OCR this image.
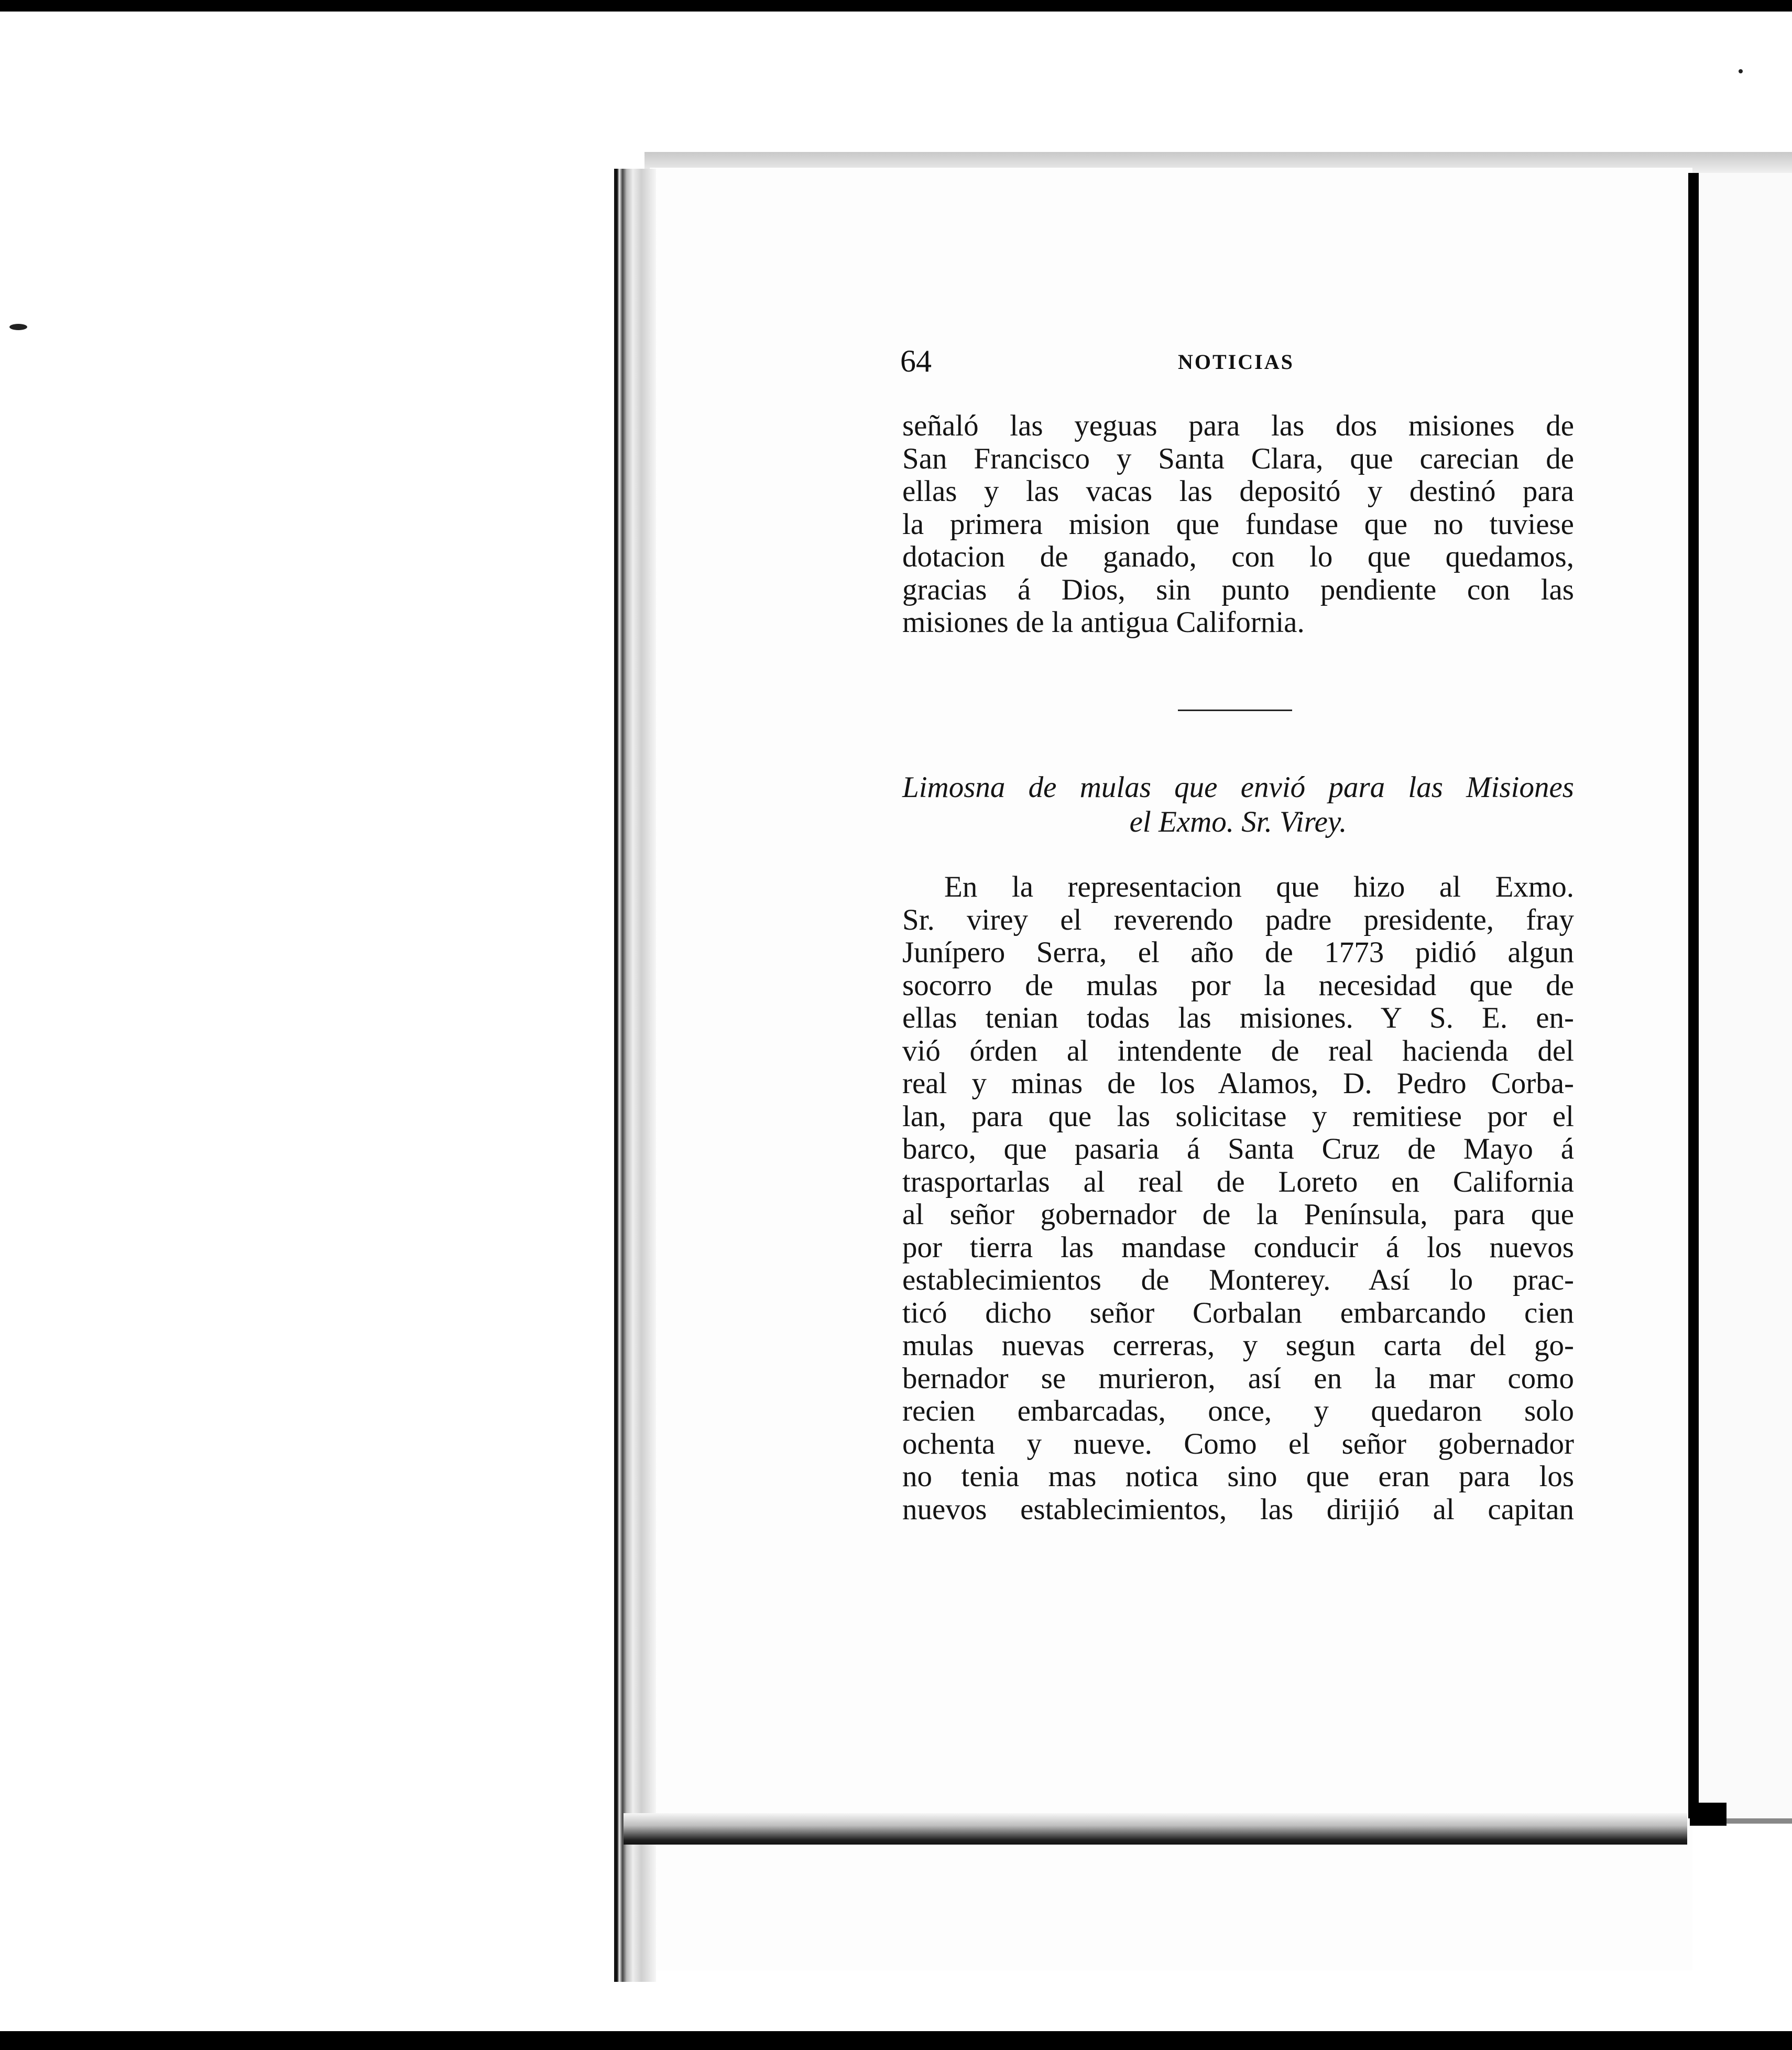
64	NOTICIAS
señaló las yeguas para las dos misiones de
San Francisco y Santa Clara, que carecian de
ellas y las vacas las depositó y destinó para
la primera mision que fundase que no tuviese
dotacion de ganado, con lo que quedamos,
gracias á Dios, sin punto pendiente con las
misiones de la antigua California.
Limosna de mulas que envió para las Misiones
el Exmo. Sr. Virey.
En la representacion que hizo al Exmo.
Sr. virey el reverendo padre presidente, fray
Junípero Serra, el año de 1773 pidió algun
socorro de mulas por la necesidad que de
ellas tenian todas las misiones. Y S. E. en-
vió órden al intendente de real hacienda del
real y minas de los Alamos, D. Pedro Corba-
lan, para que las solicitase y remitiese por el
barco, que pasaria á Santa Cruz de Mayo á
trasportarlas al real de Loreto en California
al señor gobernador de la Península, para que
por tierra las mandase conducir á los nuevos
establecimientos de Monterey. Así lo prac-
ticó dicho señor Corbalan embarcando cien
mulas nuevas cerreras, y segun carta del go-
bernador se murieron, así en la mar como
recien embarcadas, once, y quedaron solo
ochenta y nueve. Como el señor gobernador
no tenia mas notica sino que eran para los
nuevos establecimientos, las dirijió al capitan
